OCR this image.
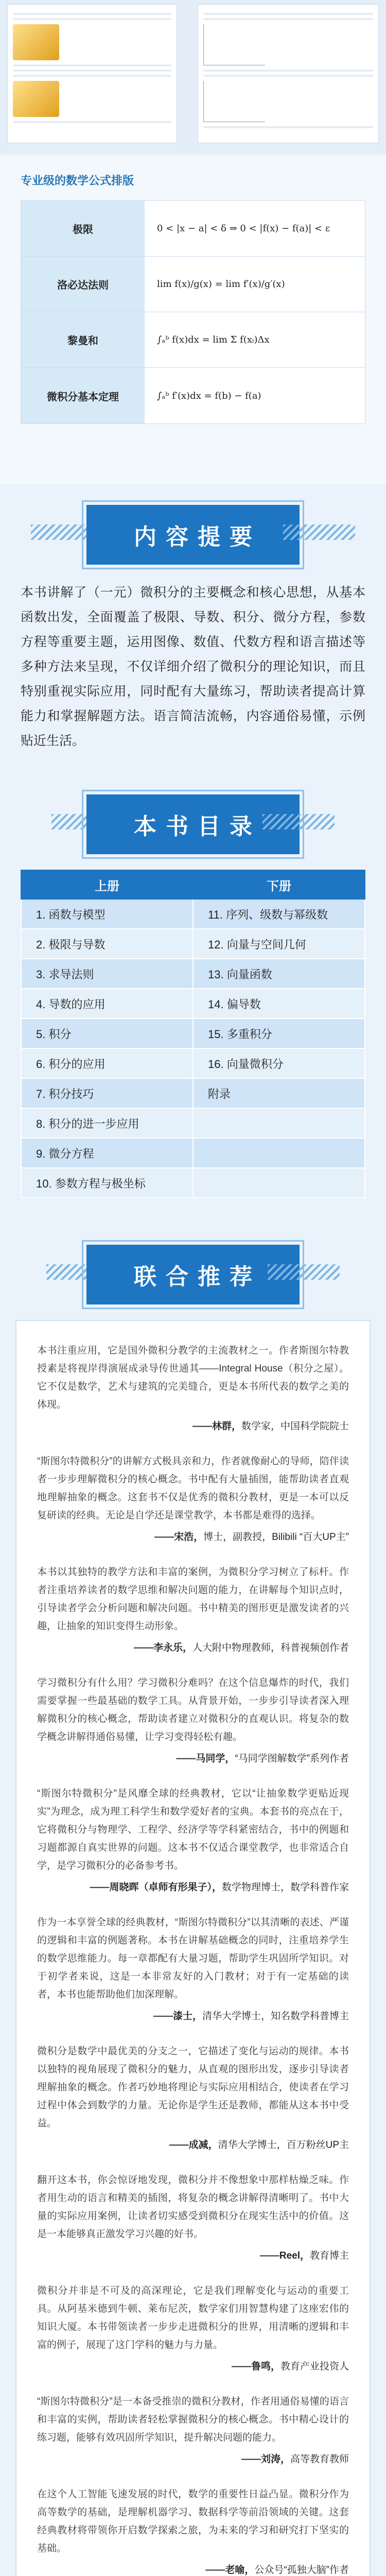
专业级的数学公式排版
极限	0 < |x − a| < δ ⇒ 0 < |f(x) − f(a)| < ε
洛必达法则	lim f(x)/g(x) = lim f′(x)/g′(x)
黎曼和	∫ₐᵇ f(x)dx = lim Σ f(xᵢ)Δx
微积分基本定理	∫ₐᵇ f′(x)dx = f(b) − f(a)
内容提要

本书讲解了（一元）微积分的主要概念和核心思想，从基本函数出发，全面覆盖了极限、导数、积分、微分方程，参数方程等重要主题，运用图像、数值、代数方程和语言描述等多种方法来呈现，不仅详细介绍了微积分的理论知识，而且特别重视实际应用，同时配有大量练习，帮助读者提高计算能力和掌握解题方法。语言简洁流畅，内容通俗易懂，示例贴近生活。

本书目录
上册	下册
1. 函数与模型	11. 序列、级数与幂级数
2. 极限与导数	12. 向量与空间几何
3. 求导法则	13. 向量函数
4. 导数的应用	14. 偏导数
5. 积分	15. 多重积分
6. 积分的应用	16. 向量微积分
7. 积分技巧	附录
8. 积分的进一步应用	
9. 微分方程	
10. 参数方程与极坐标	
联合推荐

本书注重应用，它是国外微积分教学的主流教材之一。作者斯图尔特教授素是将视岸得演展成录导传世通其——Integral House（积分之屋）。它不仅是数学，艺术与建筑的完美缝合，更是本书所代表的数学之美的体现。

——林群，数学家，中国科学院院士

“斯图尔特微积分”的讲解方式极具亲和力，作者就像耐心的导师，陪伴读者一步步理解微积分的核心概念。书中配有大量插图，能帮助读者直观地理解抽象的概念。这套书不仅是优秀的微积分教材，更是一本可以反复研读的经典。无论是自学还是课堂教学，本书都是难得的选择。

——宋浩，博士，副教授，Bilibili “百大UP主”

本书以其独特的教学方法和丰富的案例，为微积分学习树立了标杆。作者注重培养读者的数学思维和解决问题的能力，在讲解每个知识点时，引导读者学会分析问题和解决问题。书中精美的图形更是激发读者的兴趣，让抽象的知识变得生动形象。

——李永乐，人大附中物理教师，科普视频创作者

学习微积分有什么用？学习微积分难吗？在这个信息爆炸的时代，我们需要掌握一些最基础的数学工具。从背景开始，一步步引导读者深入理解微积分的核心概念，帮助读者建立对微积分的直观认识。将复杂的数学概念讲解得通俗易懂，让学习变得轻松有趣。

——马同学，“马同学图解数学”系列作者

“斯图尔特微积分”是风靡全球的经典教材，它以“让抽象数学更贴近现实”为理念，成为理工科学生和数学爱好者的宝典。本套书的亮点在于，它将微积分与物理学、工程学、经济学等学科紧密结合，书中的例题和习题都源自真实世界的问题。这本书不仅适合课堂教学，也非常适合自学，是学习微积分的必备参考书。

——周晓晖（卓师有形果子），数学物理博士，数学科普作家

作为一本享誉全球的经典教材，“斯图尔特微积分”以其清晰的表述、严谨的逻辑和丰富的例题著称。本书在讲解基础概念的同时，注重培养学生的数学思维能力。每一章都配有大量习题，帮助学生巩固所学知识。对于初学者来说，这是一本非常友好的入门教材；对于有一定基础的读者，本书也能帮助他们加深理解。

——漆士，清华大学博士，知名数学科普博主

微积分是数学中最优美的分支之一，它描述了变化与运动的规律。本书以独特的视角展现了微积分的魅力，从直观的图形出发，逐步引导读者理解抽象的概念。作者巧妙地将理论与实际应用相结合，使读者在学习过程中体会到数学的力量。无论你是学生还是教师，都能从这本书中受益。

——成减，清华大学博士，百万粉丝UP主

翻开这本书，你会惊讶地发现，微积分并不像想象中那样枯燥乏味。作者用生动的语言和精美的插图，将复杂的概念讲解得清晰明了。书中大量的实际应用案例，让读者切实感受到微积分在现实生活中的价值。这是一本能够真正激发学习兴趣的好书。

——Reel，教育博主

微积分并非是不可及的高深理论，它是我们理解变化与运动的重要工具。从阿基米德到牛顿、莱布尼茨，数学家们用智慧构建了这座宏伟的知识大厦。本书带领读者一步步走进微积分的世界，用清晰的逻辑和丰富的例子，展现了这门学科的魅力与力量。

——鲁鸣，教育产业投资人

“斯图尔特微积分”是一本备受推崇的微积分教材，作者用通俗易懂的语言和丰富的实例，帮助读者轻松掌握微积分的核心概念。书中精心设计的练习题，能够有效巩固所学知识，提升解决问题的能力。

——刘涛，高等教育教师

在这个人工智能飞速发展的时代，数学的重要性日益凸显。微积分作为高等数学的基础，是理解机器学习、数据科学等前沿领域的关键。这套经典教材将带领你开启数学探索之旅，为未来的学习和研究打下坚实的基础。

——老喻，公众号“孤独大脑”作者
